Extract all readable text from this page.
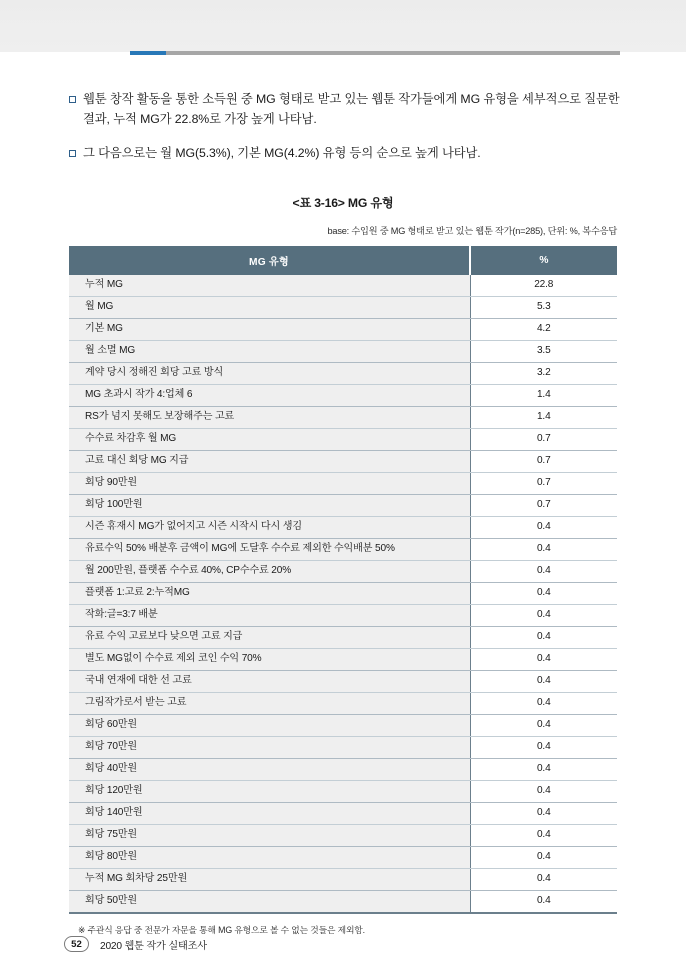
웹툰 창작 활동을 통한 소득원 중 MG 형태로 받고 있는 웹툰 작가들에게 MG 유형을 세부적으로 질문한 결과, 누적 MG가 22.8%로 가장 높게 나타남.
그 다음으로는 월 MG(5.3%), 기본 MG(4.2%) 유형 등의 순으로 높게 나타남.
<표 3-16> MG 유형
base: 수입원 중 MG 형태로 받고 있는 웹툰 작가(n=285), 단위: %, 복수응답
MG 유형	%
누적 MG	22.8
월 MG	5.3
기본 MG	4.2
월 소멸 MG	3.5
계약 당시 정해진 회당 고료 방식	3.2
MG 초과시 작가 4:업체 6	1.4
RS가 넘지 못해도 보장해주는 고료	1.4
수수료 차감후 월 MG	0.7
고료 대신 회당 MG 지급	0.7
회당 90만원	0.7
회당 100만원	0.7
시즌 휴재시 MG가 없어지고 시즌 시작시 다시 생김	0.4
유료수익 50% 배분후 금액이 MG에 도달후 수수료 제외한 수익배분 50%	0.4
월 200만원, 플랫폼 수수료 40%, CP수수료 20%	0.4
플랫폼 1:고료 2:누적MG	0.4
작화:글=3:7 배분	0.4
유료 수익 고료보다 낮으면 고료 지급	0.4
별도 MG없이 수수료 제외 코인 수익 70%	0.4
국내 연재에 대한 선 고료	0.4
그림작가로서 받는 고료	0.4
회당 60만원	0.4
회당 70만원	0.4
회당 40만원	0.4
회당 120만원	0.4
회당 140만원	0.4
회당 75만원	0.4
회당 80만원	0.4
누적 MG 회차당 25만원	0.4
회당 50만원	0.4
※ 주관식 응답 중 전문가 자문을 통해 MG 유형으로 볼 수 없는 것들은 제외함.
52	2020 웹툰 작가 실태조사
